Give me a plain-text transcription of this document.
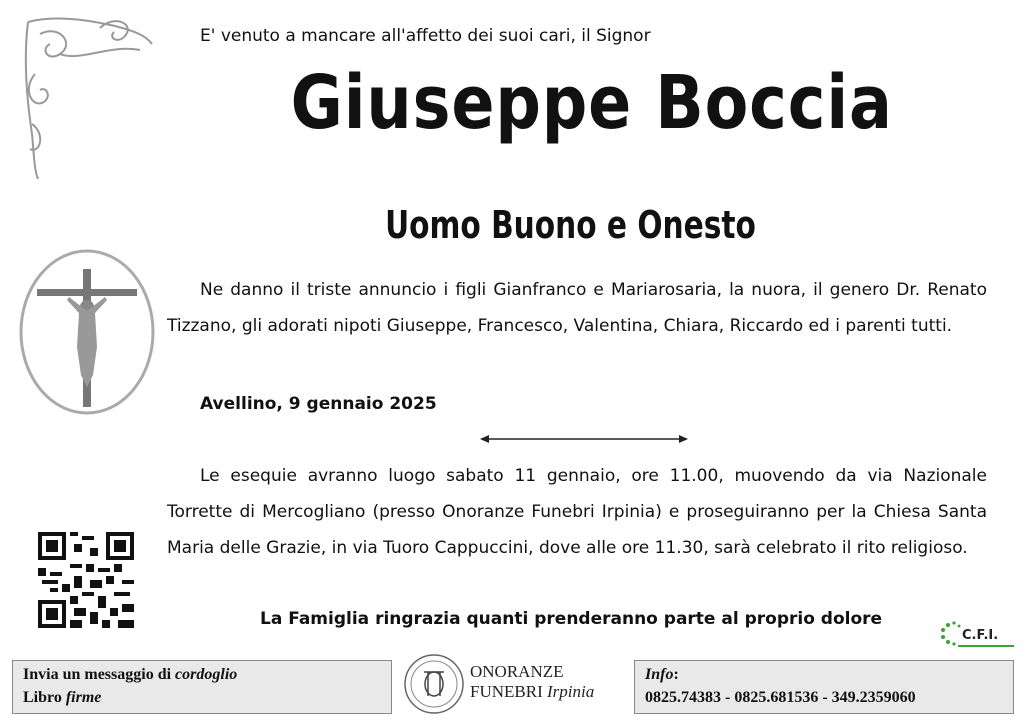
E' venuto a mancare all'affetto dei suoi cari, il Signor
Giuseppe Boccia
Uomo Buono e Onesto
Ne danno il triste annuncio i figli Gianfranco e Mariarosaria, la nuora, il genero Dr. Renato Tizzano, gli adorati nipoti Giuseppe, Francesco, Valentina, Chiara, Riccardo ed i parenti tutti.
Avellino, 9 gennaio 2025
Le esequie avranno luogo sabato 11 gennaio, ore 11.00, muovendo da via Nazionale Torrette di Mercogliano (presso Onoranze Funebri Irpinia) e proseguiranno per la Chiesa Santa Maria delle Grazie, in via Tuoro Cappuccini, dove alle ore 11.30, sarà celebrato il rito religioso.
La Famiglia ringrazia quanti prenderanno parte al proprio dolore
C.F.I.
Invia un messaggio di cordoglio
Libro firme
ONORANZE
FUNEBRI Irpinia
Info:
0825.74383 - 0825.681536 - 349.2359060
